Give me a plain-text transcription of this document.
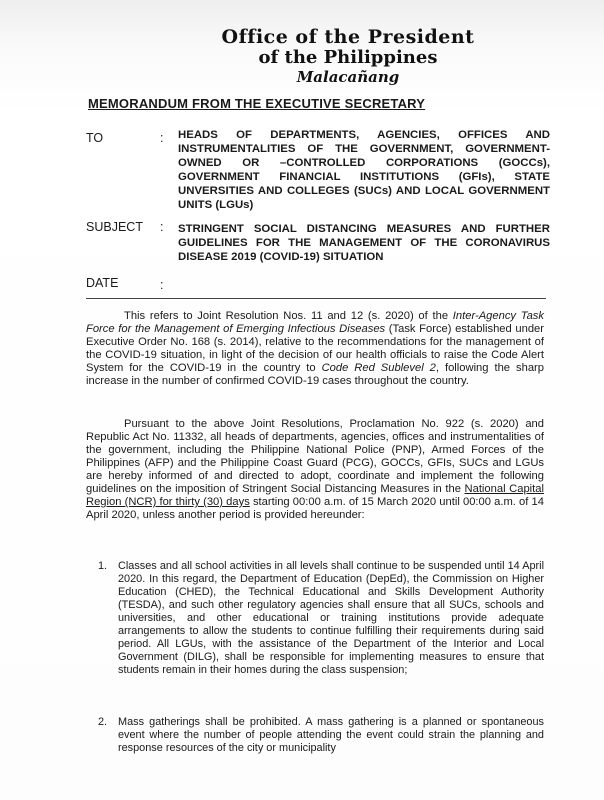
Office of the President
of the Philippines
Malacañang
MEMORANDUM FROM THE EXECUTIVE SECRETARY
TO	: HEADS OF DEPARTMENTS, AGENCIES, OFFICES AND INSTRUMENTALITIES OF THE GOVERNMENT, GOVERNMENT-OWNED OR –CONTROLLED CORPORATIONS (GOCCs), GOVERNMENT FINANCIAL INSTITUTIONS (GFIs), STATE UNVERSITIES AND COLLEGES (SUCs) AND LOCAL GOVERNMENT UNITS (LGUs)
SUBJECT : STRINGENT SOCIAL DISTANCING MEASURES AND FURTHER GUIDELINES FOR THE MANAGEMENT OF THE CORONAVIRUS DISEASE 2019 (COVID-19) SITUATION
DATE	:
This refers to Joint Resolution Nos. 11 and 12 (s. 2020) of the Inter-Agency Task Force for the Management of Emerging Infectious Diseases (Task Force) established under Executive Order No. 168 (s. 2014), relative to the recommendations for the management of the COVID-19 situation, in light of the decision of our health officials to raise the Code Alert System for the COVID-19 in the country to Code Red Sublevel 2, following the sharp increase in the number of confirmed COVID-19 cases throughout the country.
Pursuant to the above Joint Resolutions, Proclamation No. 922 (s. 2020) and Republic Act No. 11332, all heads of departments, agencies, offices and instrumentalities of the government, including the Philippine National Police (PNP), Armed Forces of the Philippines (AFP) and the Philippine Coast Guard (PCG), GOCCs, GFIs, SUCs and LGUs are hereby informed of and directed to adopt, coordinate and implement the following guidelines on the imposition of Stringent Social Distancing Measures in the National Capital Region (NCR) for thirty (30) days starting 00:00 a.m. of 15 March 2020 until 00:00 a.m. of 14 April 2020, unless another period is provided hereunder:
1. Classes and all school activities in all levels shall continue to be suspended until 14 April 2020. In this regard, the Department of Education (DepEd), the Commission on Higher Education (CHED), the Technical Educational and Skills Development Authority (TESDA), and such other regulatory agencies shall ensure that all SUCs, schools and universities, and other educational or training institutions provide adequate arrangements to allow the students to continue fulfilling their requirements during said period. All LGUs, with the assistance of the Department of the Interior and Local Government (DILG), shall be responsible for implementing measures to ensure that students remain in their homes during the class suspension;
2. Mass gatherings shall be prohibited. A mass gathering is a planned or spontaneous event where the number of people attending the event could strain the planning and response resources of the city or municipality
